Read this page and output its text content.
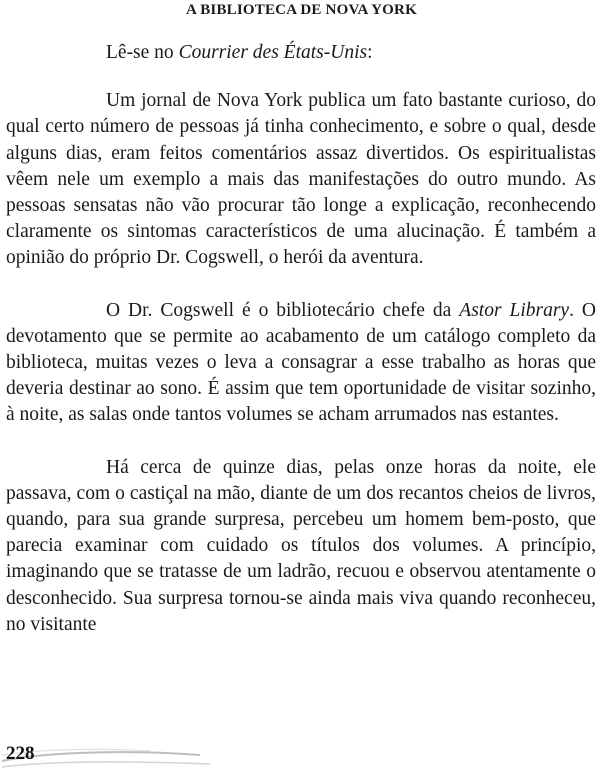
A BIBLIOTECA DE NOVA YORK

Lê-se no Courrier des États-Unis:

Um jornal de Nova York publica um fato bastante curioso, do qual certo número de pessoas já tinha conhecimento, e sobre o qual, desde alguns dias, eram feitos comentários assaz divertidos. Os espiritualistas vêem nele um exemplo a mais das manifestações do outro mundo. As pessoas sensatas não vão procurar tão longe a explicação, reconhecendo claramente os sintomas característicos de uma alucinação. É também a opinião do próprio Dr. Cogswell, o herói da aventura.

O Dr. Cogswell é o bibliotecário chefe da Astor Library. O devotamento que se permite ao acabamento de um catálogo completo da biblioteca, muitas vezes o leva a consagrar a esse trabalho as horas que deveria destinar ao sono. É assim que tem oportunidade de visitar sozinho, à noite, as salas onde tantos volumes se acham arrumados nas estantes.

Há cerca de quinze dias, pelas onze horas da noite, ele passava, com o castiçal na mão, diante de um dos recantos cheios de livros, quando, para sua grande surpresa, percebeu um homem bem-posto, que parecia examinar com cuidado os títulos dos volumes. A princípio, imaginando que se tratasse de um ladrão, recuou e observou atentamente o desconhecido. Sua surpresa tornou-se ainda mais viva quando reconheceu, no visitante

228
